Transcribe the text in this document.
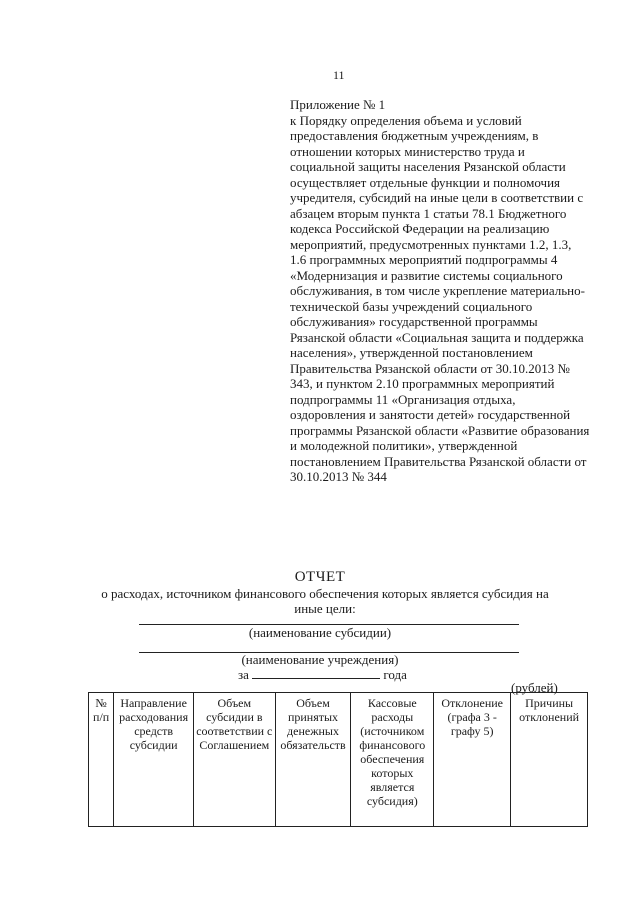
11
Приложение № 1
к Порядку определения объема и условий предоставления бюджетным учреждениям, в отношении которых министерство труда и социальной защиты населения Рязанской области осуществляет отдельные функции и полномочия учредителя, субсидий на иные цели в соответствии с абзацем вторым пункта 1 статьи 78.1 Бюджетного кодекса Российской Федерации на реализацию мероприятий, предусмотренных пунктами 1.2, 1.3, 1.6 программных мероприятий подпрограммы 4 «Модернизация и развитие системы социального обслуживания, в том числе укрепление материально-технической базы учреждений социального обслуживания» государственной программы Рязанской области «Социальная защита и поддержка населения», утвержденной постановлением Правительства Рязанской области от 30.10.2013 № 343, и пунктом 2.10 программных мероприятий подпрограммы 11 «Организация отдыха, оздоровления и занятости детей» государственной программы Рязанской области «Развитие образования и молодежной политики», утвержденной постановлением Правительства Рязанской области от 30.10.2013 № 344
ОТЧЕТ
о расходах, источником финансового обеспечения которых является субсидия на иные цели:
(наименование субсидии)
(наименование учреждения)
за	года
(рублей)
№ п/п	Направление расходования средств субсидии	Объем субсидии в соответствии с Соглашением	Объем принятых денежных обязательств	Кассовые расходы (источником финансового обеспечения которых является субсидия)	Отклонение (графа 3 - графу 5)	Причины отклонений
